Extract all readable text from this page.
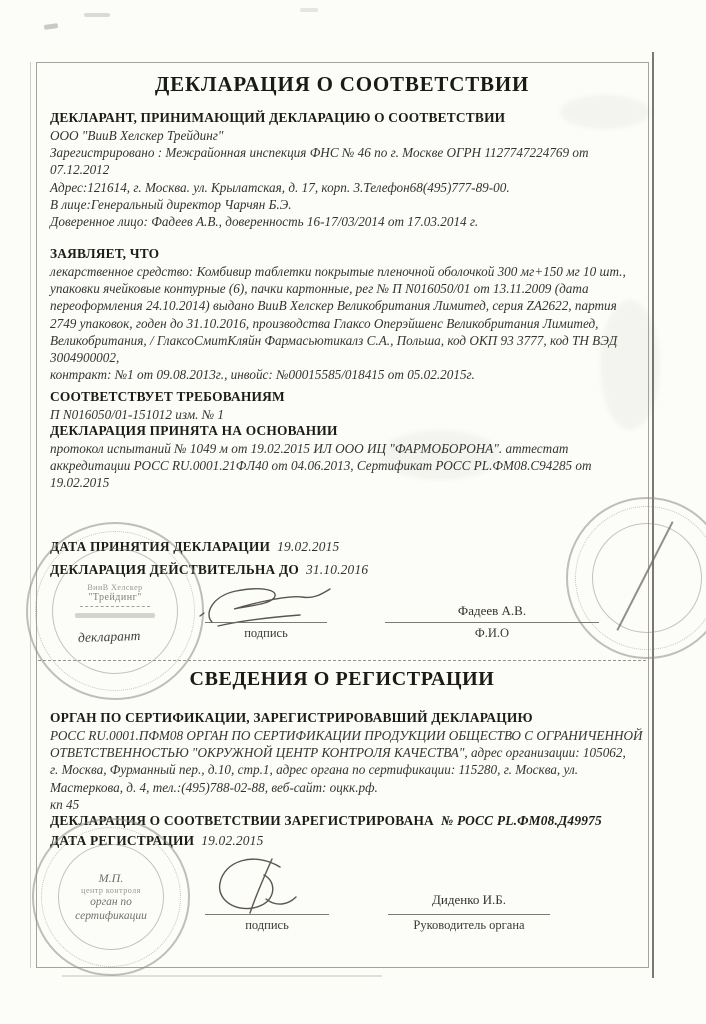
ДЕКЛАРАЦИЯ О СООТВЕТСТВИИ
ДЕКЛАРАНТ, ПРИНИМАЮЩИЙ ДЕКЛАРАЦИЮ О СООТВЕТСТВИИ
ООО "ВииВ Хелскер Трейдинг"
Зарегистрировано : Межрайонная инспекция ФНС № 46 по г. Москве ОГРН 1127747224769 от
07.12.2012
Адрес:121614, г. Москва. ул. Крылатская, д. 17, корп. 3.Телефон68(495)777-89-00.
В лице:Генеральный директор Чарчян Б.Э.
Доверенное лицо: Фадеев А.В., доверенность 16-17/03/2014 от 17.03.2014 г.
ЗАЯВЛЯЕТ, ЧТО
лекарственное средство: Комбивир таблетки покрытые пленочной оболочкой 300 мг+150 мг 10 шт.,
упаковки ячейковые контурные (6), пачки картонные, рег № П N016050/01 от 13.11.2009 (дата
переоформления 24.10.2014) выдано ВииВ Хелскер Великобритания Лимитед, серия ZA2622, партия
2749 упаковок, годен до 31.10.2016, производства Глаксо Оперэйшенс Великобритания Лимитед,
Великобритания, / ГлаксоСмитКляйн Фармасьютикалз С.А., Польша, код ОКП 93 3777, код ТН ВЭД
3004900002,
контракт: №1 от 09.08.2013г., инвойс: №00015585/018415 от 05.02.2015г.
СООТВЕТСТВУЕТ ТРЕБОВАНИЯМ
П N016050/01-151012 изм. № 1
ДЕКЛАРАЦИЯ ПРИНЯТА НА ОСНОВАНИИ
протокол испытаний № 1049 м от 19.02.2015 ИЛ ООО ИЦ "ФАРМОБОРОНА". аттестат
аккредитации РОСС RU.0001.21ФЛ40 от 04.06.2013, Сертификат РОСС PL.ФМ08.С94285 от
19.02.2015
ДАТА ПРИНЯТИЯ ДЕКЛАРАЦИИ 19.02.2015
ДЕКЛАРАЦИЯ ДЕЙСТВИТЕЛЬНА ДО 31.10.2016
ВииВ Хелскер
"Трейдинг"
декларант	подпись
Фадеев А.В.
Ф.И.О
СВЕДЕНИЯ О РЕГИСТРАЦИИ
ОРГАН ПО СЕРТИФИКАЦИИ, ЗАРЕГИСТРИРОВАВШИЙ ДЕКЛАРАЦИЮ
РОСС RU.0001.ПФМ08 ОРГАН ПО СЕРТИФИКАЦИИ ПРОДУКЦИИ ОБЩЕСТВО С ОГРАНИЧЕННОЙ
ОТВЕТСТВЕННОСТЬЮ "ОКРУЖНОЙ ЦЕНТР КОНТРОЛЯ КАЧЕСТВА", адрес организации: 105062,
г. Москва, Фурманный пер., д.10, стр.1, адрес органа по сертификации: 115280, г. Москва, ул.
Мастеркова, д. 4, тел.:(495)788-02-88, веб-сайт: оцкк.рф.
кп 45
ДЕКЛАРАЦИЯ О СООТВЕТСТВИИ ЗАРЕГИСТРИРОВАНА № РОСС PL.ФМ08.Д49975
ДАТА РЕГИСТРАЦИИ 19.02.2015
М.П.
центр контроля
орган по
сертификации
подпись
Диденко И.Б.
Руководитель органа
